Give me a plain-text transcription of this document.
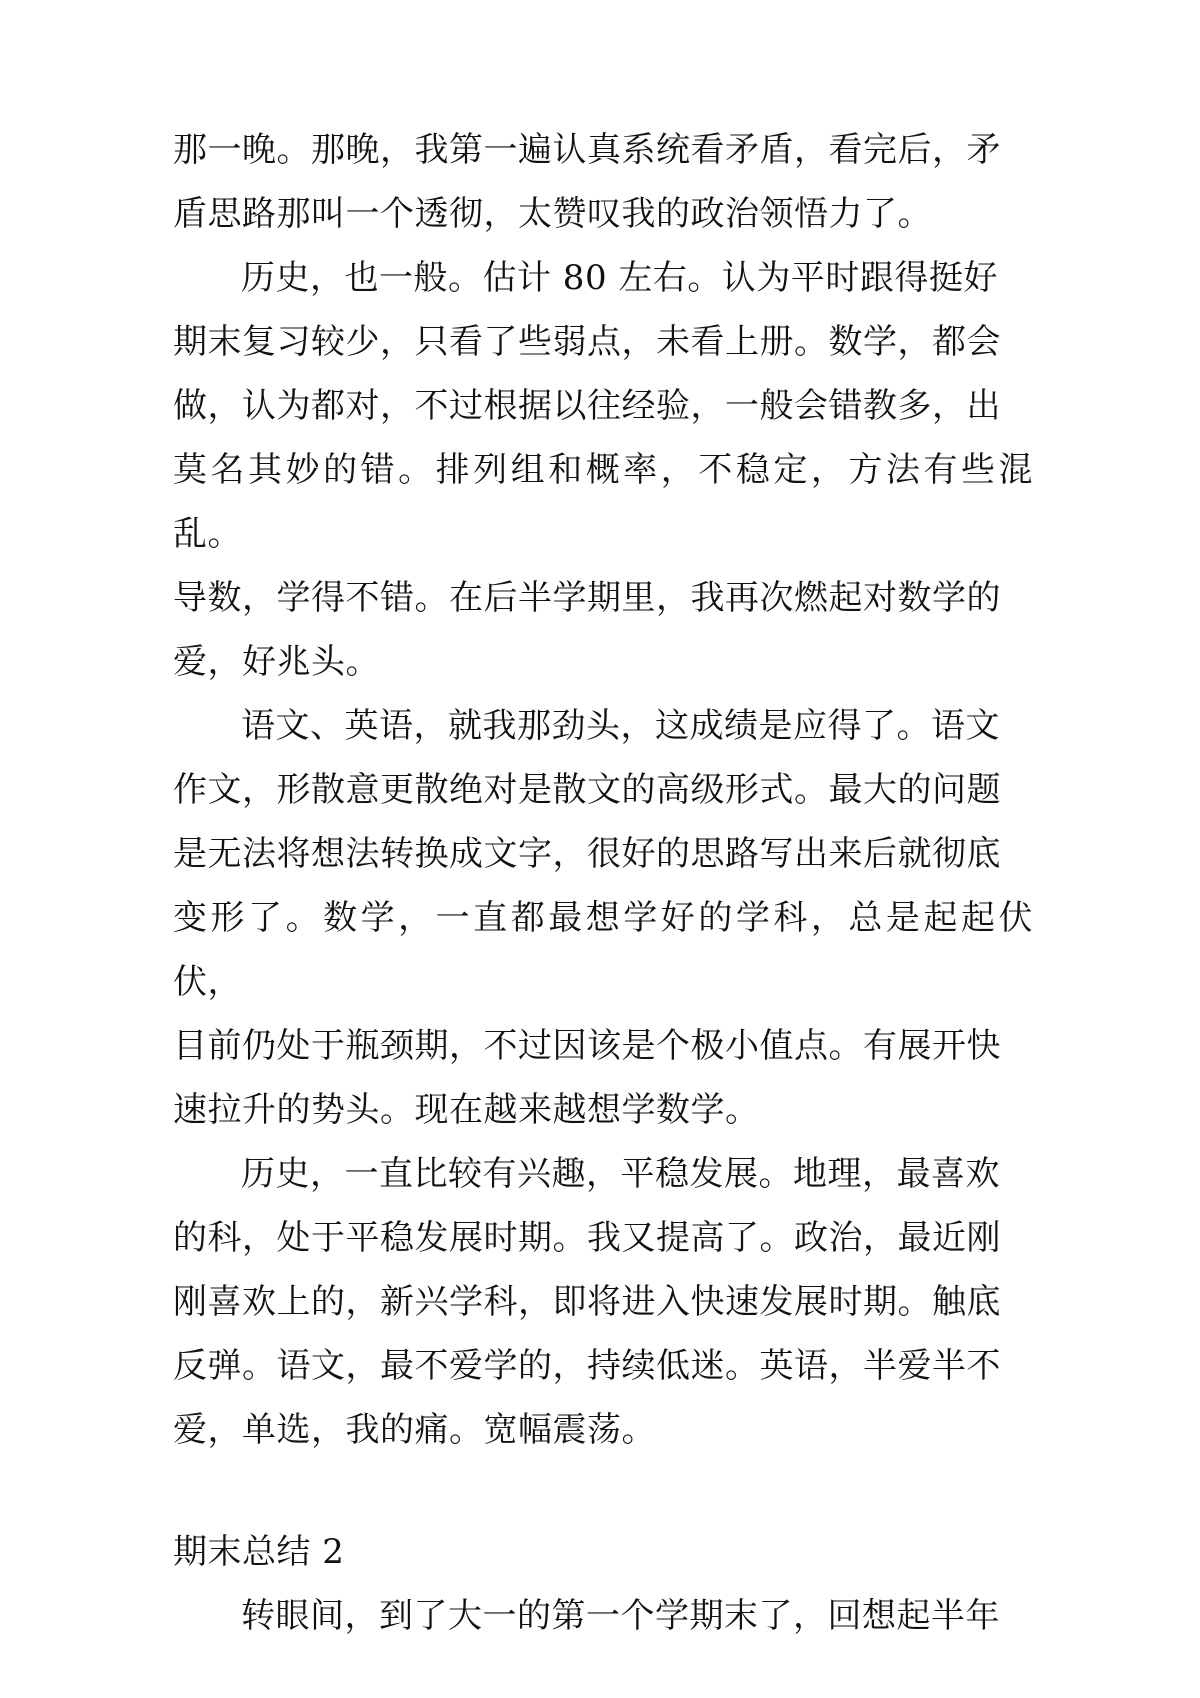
那一晚。那晚，我第一遍认真系统看矛盾，看完后，矛
盾思路那叫一个透彻，太赞叹我的政治领悟力了。

历史，也一般。估计 80 左右。认为平时跟得挺好
期末复习较少，只看了些弱点，未看上册。数学，都会
做，认为都对，不过根据以往经验，一般会错教多，出
莫名其妙的错。排列组和概率，不稳定，方法有些混乱。
导数，学得不错。在后半学期里，我再次燃起对数学的
爱，好兆头。

语文、英语，就我那劲头，这成绩是应得了。语文
作文，形散意更散绝对是散文的高级形式。最大的问题
是无法将想法转换成文字，很好的思路写出来后就彻底
变形了。数学，一直都最想学好的学科，总是起起伏伏，
目前仍处于瓶颈期，不过因该是个极小值点。有展开快
速拉升的势头。现在越来越想学数学。

历史，一直比较有兴趣，平稳发展。地理，最喜欢
的科，处于平稳发展时期。我又提高了。政治，最近刚
刚喜欢上的，新兴学科，即将进入快速发展时期。触底
反弹。语文，最不爱学的，持续低迷。英语，半爱半不
爱，单选，我的痛。宽幅震荡。

期末总结 2

转眼间，到了大一的第一个学期末了，回想起半年
